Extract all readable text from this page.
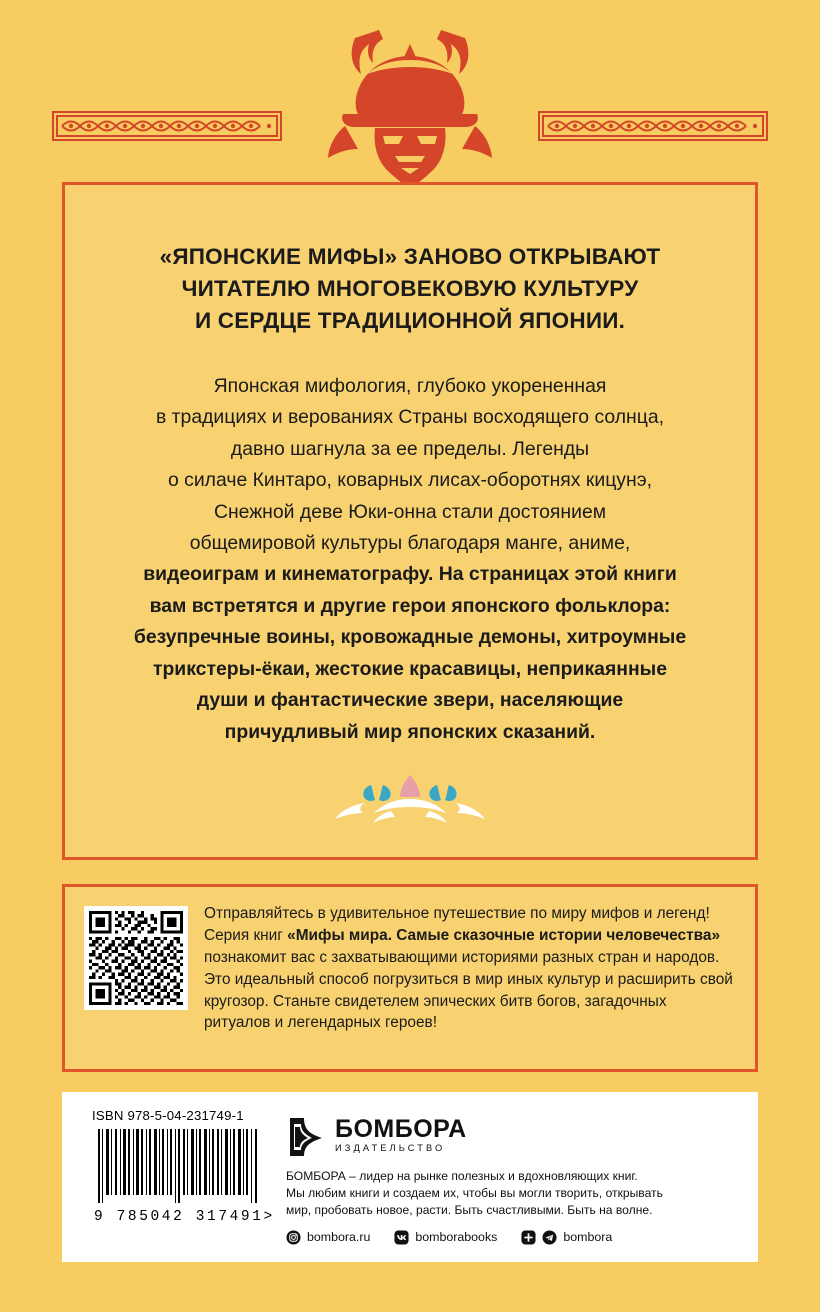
«ЯПОНСКИЕ МИФЫ» ЗАНОВО ОТКРЫВАЮТ
ЧИТАТЕЛЮ МНОГОВЕКОВУЮ КУЛЬТУРУ
И СЕРДЦЕ ТРАДИЦИОННОЙ ЯПОНИИ.
Японская мифология, глубоко укорененная
в традициях и верованиях Страны восходящего солнца,
давно шагнула за ее пределы. Легенды
о силаче Кинтаро, коварных лисах-оборотнях кицунэ,
Снежной деве Юки-онна стали достоянием
общемировой культуры благодаря манге, аниме,
видеоиграм и кинематографу. На страницах этой книги
вам встретятся и другие герои японского фольклора:
безупречные воины, кровожадные демоны, хитроумные
трикстеры-ёкаи, жестокие красавицы, неприкаянные
души и фантастические звери, населяющие
причудливый мир японских сказаний.
Отправляйтесь в удивительное путешествие по миру мифов и легенд! Серия книг «Мифы мира. Самые сказочные истории человечества» познакомит вас с захватывающими историями разных стран и народов. Это идеальный способ погрузиться в мир иных культур и расширить свой кругозор. Станьте свидетелем эпических битв богов, загадочных ритуалов и легендарных героев!
ISBN 978-5-04-231749-1
9 785042 317491>
БОМБОРА
ИЗДАТЕЛЬСТВО
БОМБОРА – лидер на рынке полезных и вдохновляющих книг.
Мы любим книги и создаем их, чтобы вы могли творить, открывать
мир, пробовать новое, расти. Быть счастливыми. Быть на волне.
bombora.ru	bomborabooks	bombora
